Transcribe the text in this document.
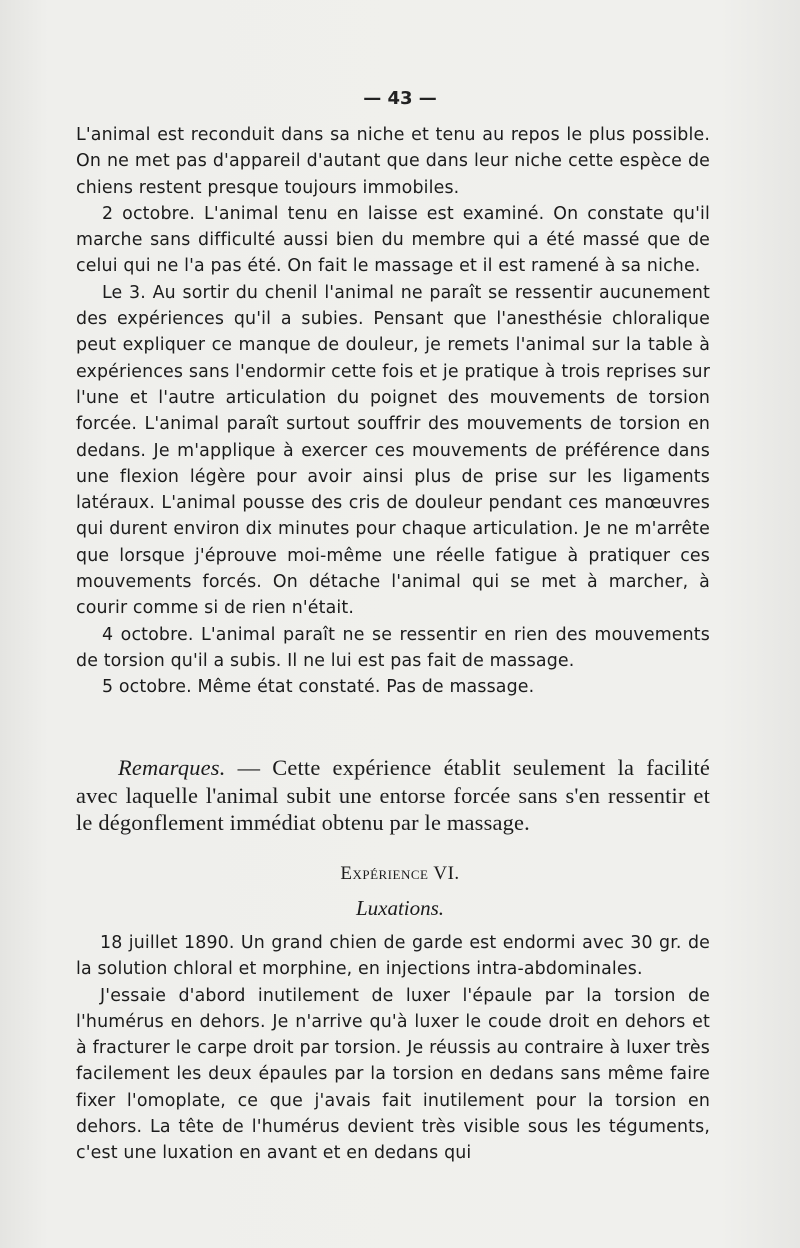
— 43 —

L'animal est reconduit dans sa niche et tenu au repos le plus possible. On ne met pas d'appareil d'autant que dans leur niche cette espèce de chiens restent presque toujours immobiles.

2 octobre. L'animal tenu en laisse est examiné. On constate qu'il marche sans difficulté aussi bien du membre qui a été massé que de celui qui ne l'a pas été. On fait le massage et il est ramené à sa niche.

Le 3. Au sortir du chenil l'animal ne paraît se ressentir aucunement des expériences qu'il a subies. Pensant que l'anesthésie chloralique peut expliquer ce manque de douleur, je remets l'animal sur la table à expériences sans l'endormir cette fois et je pratique à trois reprises sur l'une et l'autre articulation du poignet des mouvements de torsion forcée. L'animal paraît surtout souffrir des mouvements de torsion en dedans. Je m'applique à exercer ces mouvements de préférence dans une flexion légère pour avoir ainsi plus de prise sur les ligaments latéraux. L'animal pousse des cris de douleur pendant ces manœuvres qui durent environ dix minutes pour chaque articulation. Je ne m'arrête que lorsque j'éprouve moi-même une réelle fatigue à pratiquer ces mouvements forcés. On détache l'animal qui se met à marcher, à courir comme si de rien n'était.

4 octobre. L'animal paraît ne se ressentir en rien des mouvements de torsion qu'il a subis. Il ne lui est pas fait de massage.

5 octobre. Même état constaté. Pas de massage.

Remarques. — Cette expérience établit seulement la facilité avec laquelle l'animal subit une entorse forcée sans s'en ressentir et le dégonflement immédiat obtenu par le massage.

Expérience VI.
Luxations.

18 juillet 1890. Un grand chien de garde est endormi avec 30 gr. de la solution chloral et morphine, en injections intra-abdominales.

J'essaie d'abord inutilement de luxer l'épaule par la torsion de l'humérus en dehors. Je n'arrive qu'à luxer le coude droit en dehors et à fracturer le carpe droit par torsion. Je réussis au contraire à luxer très facilement les deux épaules par la torsion en dedans sans même faire fixer l'omoplate, ce que j'avais fait inutilement pour la torsion en dehors. La tête de l'humérus devient très visible sous les téguments, c'est une luxation en avant et en dedans qui
